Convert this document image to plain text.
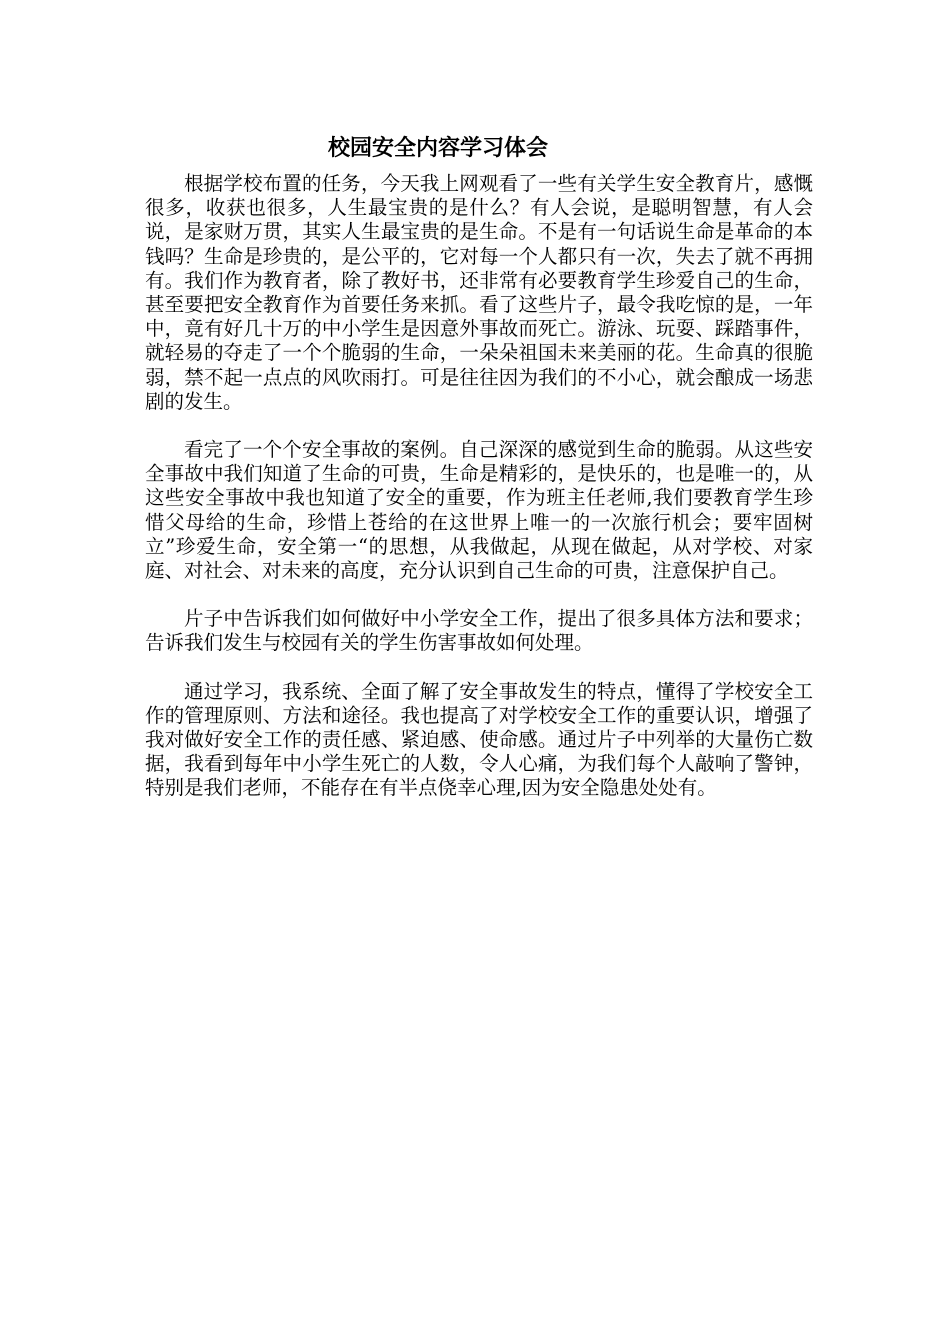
校园安全内容学习体会

根据学校布置的任务，今天我上网观看了一些有关学生安全教育片，感慨很多，收获也很多，人生最宝贵的是什么？有人会说，是聪明智慧，有人会说，是家财万贯，其实人生最宝贵的是生命。不是有一句话说生命是革命的本钱吗？生命是珍贵的，是公平的，它对每一个人都只有一次，失去了就不再拥有。我们作为教育者，除了教好书，还非常有必要教育学生珍爱自己的生命，甚至要把安全教育作为首要任务来抓。看了这些片子，最令我吃惊的是，一年中，竟有好几十万的中小学生是因意外事故而死亡。游泳、玩耍、踩踏事件，就轻易的夺走了一个个脆弱的生命，一朵朵祖国未来美丽的花。生命真的很脆弱，禁不起一点点的风吹雨打。可是往往因为我们的不小心，就会酿成一场悲剧的发生。

看完了一个个安全事故的案例。自己深深的感觉到生命的脆弱。从这些安全事故中我们知道了生命的可贵，生命是精彩的，是快乐的，也是唯一的，从这些安全事故中我也知道了安全的重要，作为班主任老师,我们要教育学生珍惜父母给的生命，珍惜上苍给的在这世界上唯一的一次旅行机会；要牢固树立”珍爱生命，安全第一“的思想，从我做起，从现在做起，从对学校、对家庭、对社会、对未来的高度，充分认识到自己生命的可贵，注意保护自己。

片子中告诉我们如何做好中小学安全工作，提出了很多具体方法和要求；告诉我们发生与校园有关的学生伤害事故如何处理。

通过学习，我系统、全面了解了安全事故发生的特点，懂得了学校安全工作的管理原则、方法和途径。我也提高了对学校安全工作的重要认识，增强了我对做好安全工作的责任感、紧迫感、使命感。通过片子中列举的大量伤亡数据，我看到每年中小学生死亡的人数，令人心痛，为我们每个人敲响了警钟，特别是我们老师，不能存在有半点侥幸心理,因为安全隐患处处有。
